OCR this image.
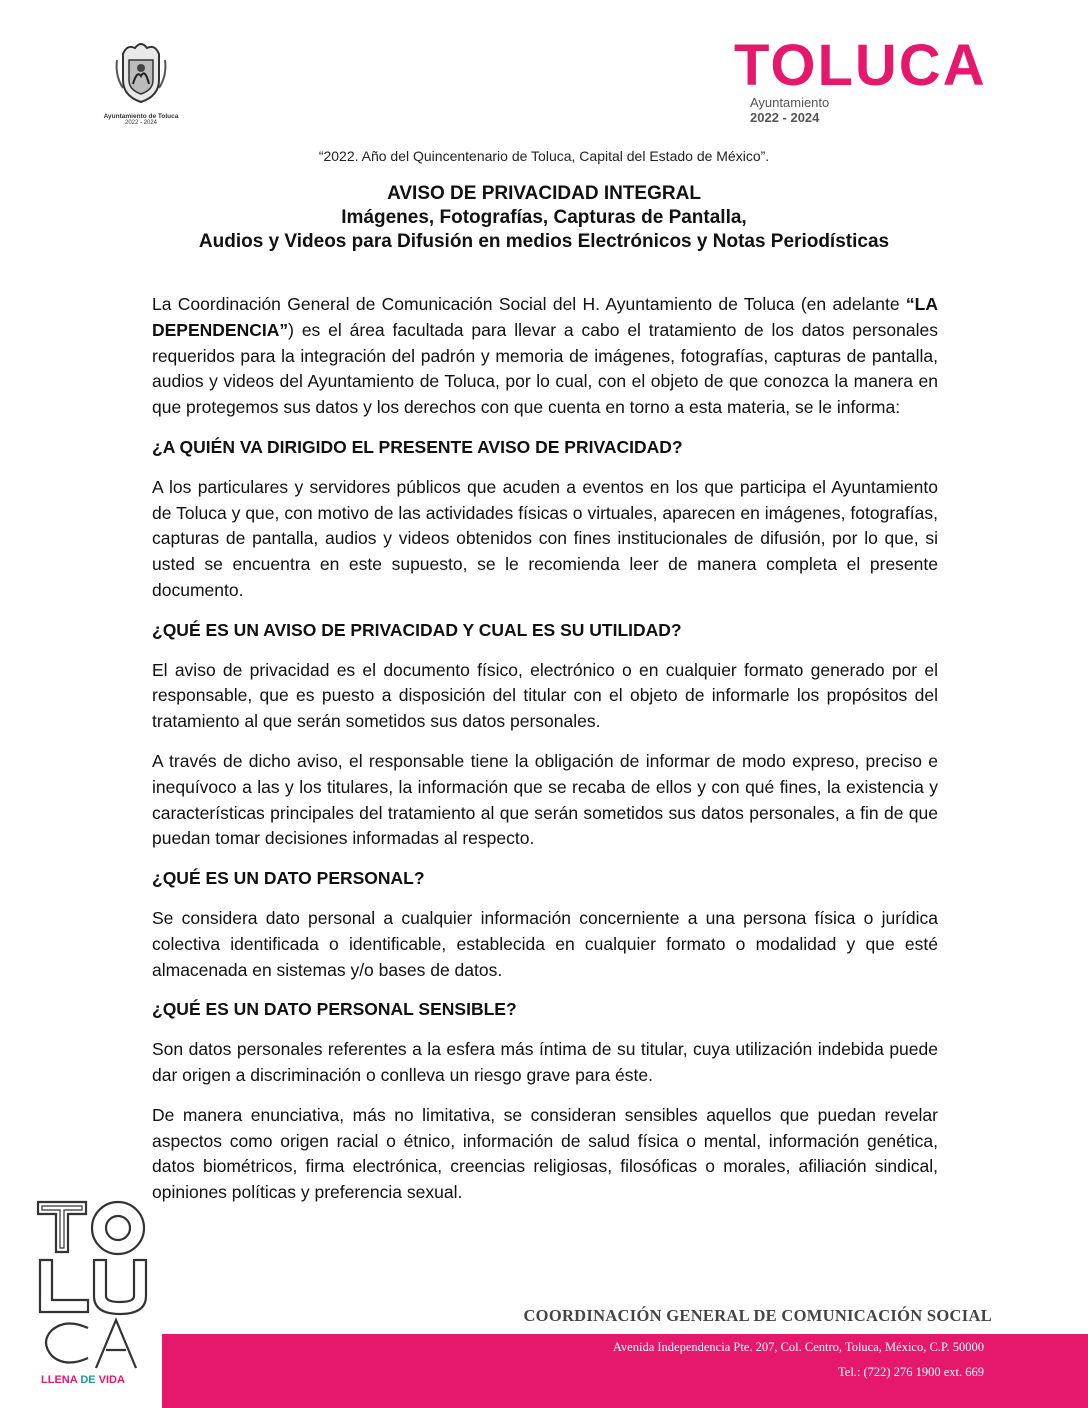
Ayuntamiento de Toluca
2022 - 2024
TOLUCA
Ayuntamiento
2022 - 2024
“2022. Año del Quincentenario de Toluca, Capital del Estado de México”.
AVISO DE PRIVACIDAD INTEGRAL
Imágenes, Fotografías, Capturas de Pantalla,
Audios y Videos para Difusión en medios Electrónicos y Notas Periodísticas

La Coordinación General de Comunicación Social del H. Ayuntamiento de Toluca (en adelante “LA DEPENDENCIA”) es el área facultada para llevar a cabo el tratamiento de los datos personales requeridos para la integración del padrón y memoria de imágenes, fotografías, capturas de pantalla, audios y videos del Ayuntamiento de Toluca, por lo cual, con el objeto de que conozca la manera en que protegemos sus datos y los derechos con que cuenta en torno a esta materia, se le informa:

¿A QUIÉN VA DIRIGIDO EL PRESENTE AVISO DE PRIVACIDAD?

A los particulares y servidores públicos que acuden a eventos en los que participa el Ayuntamiento de Toluca y que, con motivo de las actividades físicas o virtuales, aparecen en imágenes, fotografías, capturas de pantalla, audios y videos obtenidos con fines institucionales de difusión, por lo que, si usted se encuentra en este supuesto, se le recomienda leer de manera completa el presente documento.

¿QUÉ ES UN AVISO DE PRIVACIDAD Y CUAL ES SU UTILIDAD?

El aviso de privacidad es el documento físico, electrónico o en cualquier formato generado por el responsable, que es puesto a disposición del titular con el objeto de informarle los propósitos del tratamiento al que serán sometidos sus datos personales.

A través de dicho aviso, el responsable tiene la obligación de informar de modo expreso, preciso e inequívoco a las y los titulares, la información que se recaba de ellos y con qué fines, la existencia y características principales del tratamiento al que serán sometidos sus datos personales, a fin de que puedan tomar decisiones informadas al respecto.

¿QUÉ ES UN DATO PERSONAL?

Se considera dato personal a cualquier información concerniente a una persona física o jurídica colectiva identificada o identificable, establecida en cualquier formato o modalidad y que esté almacenada en sistemas y/o bases de datos.

¿QUÉ ES UN DATO PERSONAL SENSIBLE?

Son datos personales referentes a la esfera más íntima de su titular, cuya utilización indebida puede dar origen a discriminación o conlleva un riesgo grave para éste.

De manera enunciativa, más no limitativa, se consideran sensibles aquellos que puedan revelar aspectos como origen racial o étnico, información de salud física o mental, información genética, datos biométricos, firma electrónica, creencias religiosas, filosóficas o morales, afiliación sindical, opiniones políticas y preferencia sexual.

LLENA DE VIDA
COORDINACIÓN GENERAL DE COMUNICACIÓN SOCIAL
Avenida Independencia Pte. 207, Col. Centro, Toluca, México, C.P. 50000
Tel.: (722) 276 1900 ext. 669
